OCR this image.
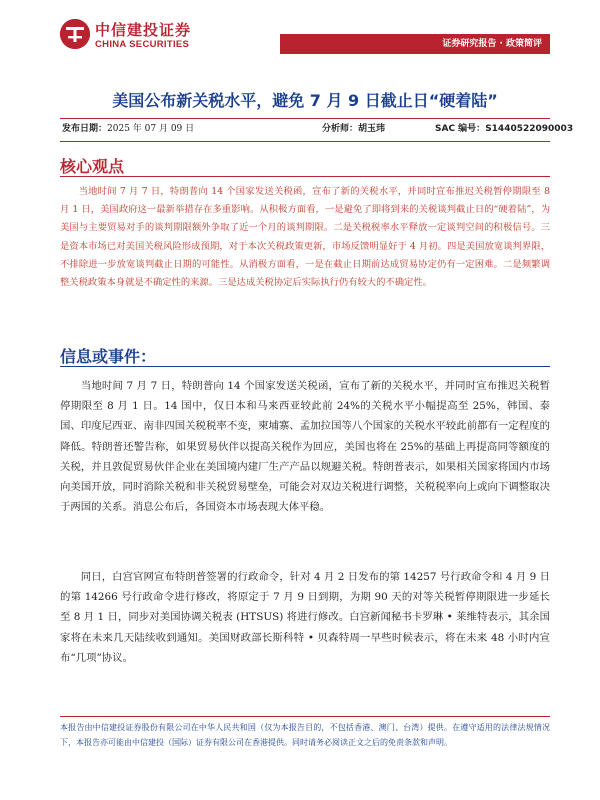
中信建投证券
CHINA SECURITIES	证券研究报告 · 政策简评
美国公布新关税水平，避免 7 月 9 日截止日“硬着陆”
发布日期：2025 年 07 月 09 日	分析师：胡玉玮	SAC 编号：S1440522090003
核心观点

当地时间 7 月 7 日，特朗普向 14 个国家发送关税函，宣布了新的关税水平，并同时宣布推迟关税暂停期限至 8 月 1 日，美国政府这一最新举措存在多重影响。从积极方面看，一是避免了即将到来的关税谈判截止日的“硬着陆”，为美国与主要贸易对手的谈判期限额外争取了近一个月的谈判期限。二是关税税率水平释放一定谈判空间的积极信号。三是资本市场已对美国关税风险形成预期，对于本次关税政策更新，市场反馈明显好于 4 月初。四是美国放宽谈判界限，不排除进一步放宽谈判截止日期的可能性。从消极方面看，一是在截止日期前达成贸易协定仍有一定困难。二是频繁调整关税政策本身就是不确定性的来源。三是达成关税协定后实际执行仍有较大的不确定性。

信息或事件：

当地时间 7 月 7 日，特朗普向 14 个国家发送关税函，宣布了新的关税水平，并同时宣布推迟关税暂停期限至 8 月 1 日。14 国中，仅日本和马来西亚较此前 24%的关税水平小幅提高至 25%，韩国、泰国、印度尼西亚、南非四国关税税率不变，柬埔寨、孟加拉国等八个国家的关税水平较此前都有一定程度的降低。特朗普还警告称，如果贸易伙伴以提高关税作为回应，美国也将在 25%的基础上再提高同等额度的关税，并且敦促贸易伙伴企业在美国境内建厂生产产品以规避关税。特朗普表示，如果相关国家将国内市场向美国开放，同时消除关税和非关税贸易壁垒，可能会对双边关税进行调整，关税税率向上或向下调整取决于两国的关系。消息公布后，各国资本市场表现大体平稳。

同日，白宫官网宣布特朗普签署的行政命令，针对 4 月 2 日发布的第 14257 号行政命令和 4 月 9 日的第 14266 号行政命令进行修改，将原定于 7 月 9 日到期，为期 90 天的对等关税暂停期限进一步延长至 8 月 1 日，同步对美国协调关税表 (HTSUS) 将进行修改。白宫新闻秘书卡罗琳 • 莱维特表示，其余国家将在未来几天陆续收到通知。美国财政部长斯科特 • 贝森特周一早些时候表示，将在未来 48 小时内宣布“几项”协议。

本报告由中信建投证券股份有限公司在中华人民共和国（仅为本报告目的，不包括香港、澳门、台湾）提供。在遵守适用的法律法规情况下，本报告亦可能由中信建投（国际）证券有限公司在香港提供。同时请务必阅读正文之后的免责条款和声明。
